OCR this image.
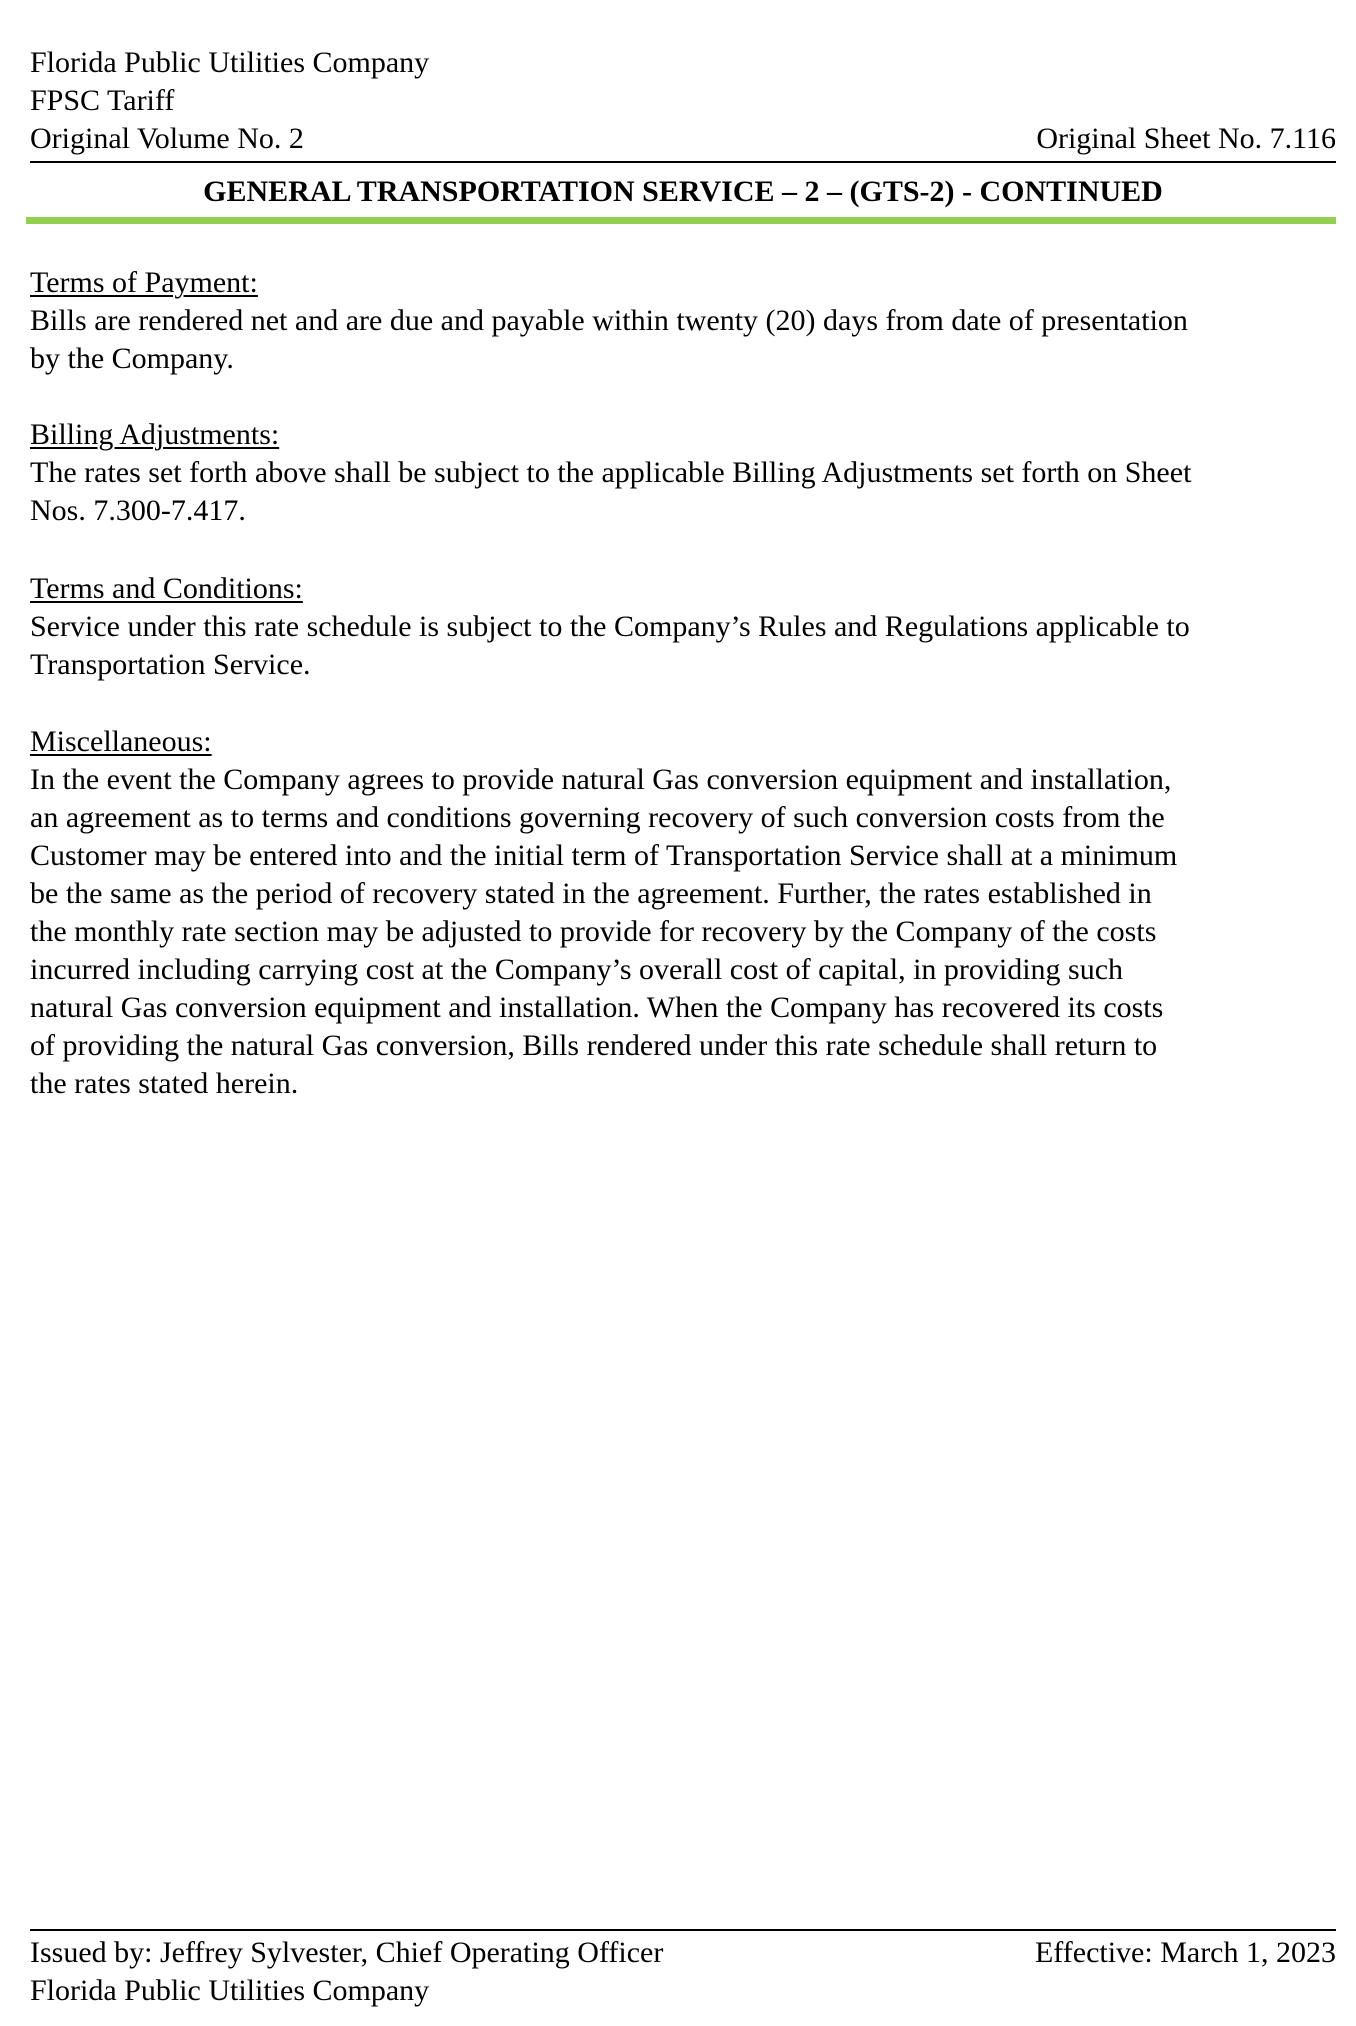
Florida Public Utilities Company
FPSC Tariff
Original Volume No. 2	Original Sheet No. 7.116
GENERAL TRANSPORTATION SERVICE – 2 – (GTS-2) - CONTINUED
Terms of Payment:

Bills are rendered net and are due and payable within twenty (20) days from date of presentation
by the Company.

Billing Adjustments:

The rates set forth above shall be subject to the applicable Billing Adjustments set forth on Sheet
Nos. 7.300-7.417.

Terms and Conditions:

Service under this rate schedule is subject to the Company’s Rules and Regulations applicable to
Transportation Service.

Miscellaneous:

In the event the Company agrees to provide natural Gas conversion equipment and installation,
an agreement as to terms and conditions governing recovery of such conversion costs from the
Customer may be entered into and the initial term of Transportation Service shall at a minimum
be the same as the period of recovery stated in the agreement. Further, the rates established in
the monthly rate section may be adjusted to provide for recovery by the Company of the costs
incurred including carrying cost at the Company’s overall cost of capital, in providing such
natural Gas conversion equipment and installation. When the Company has recovered its costs
of providing the natural Gas conversion, Bills rendered under this rate schedule shall return to
the rates stated herein.

Issued by: Jeffrey Sylvester, Chief Operating Officer	Effective: March 1, 2023
Florida Public Utilities Company
